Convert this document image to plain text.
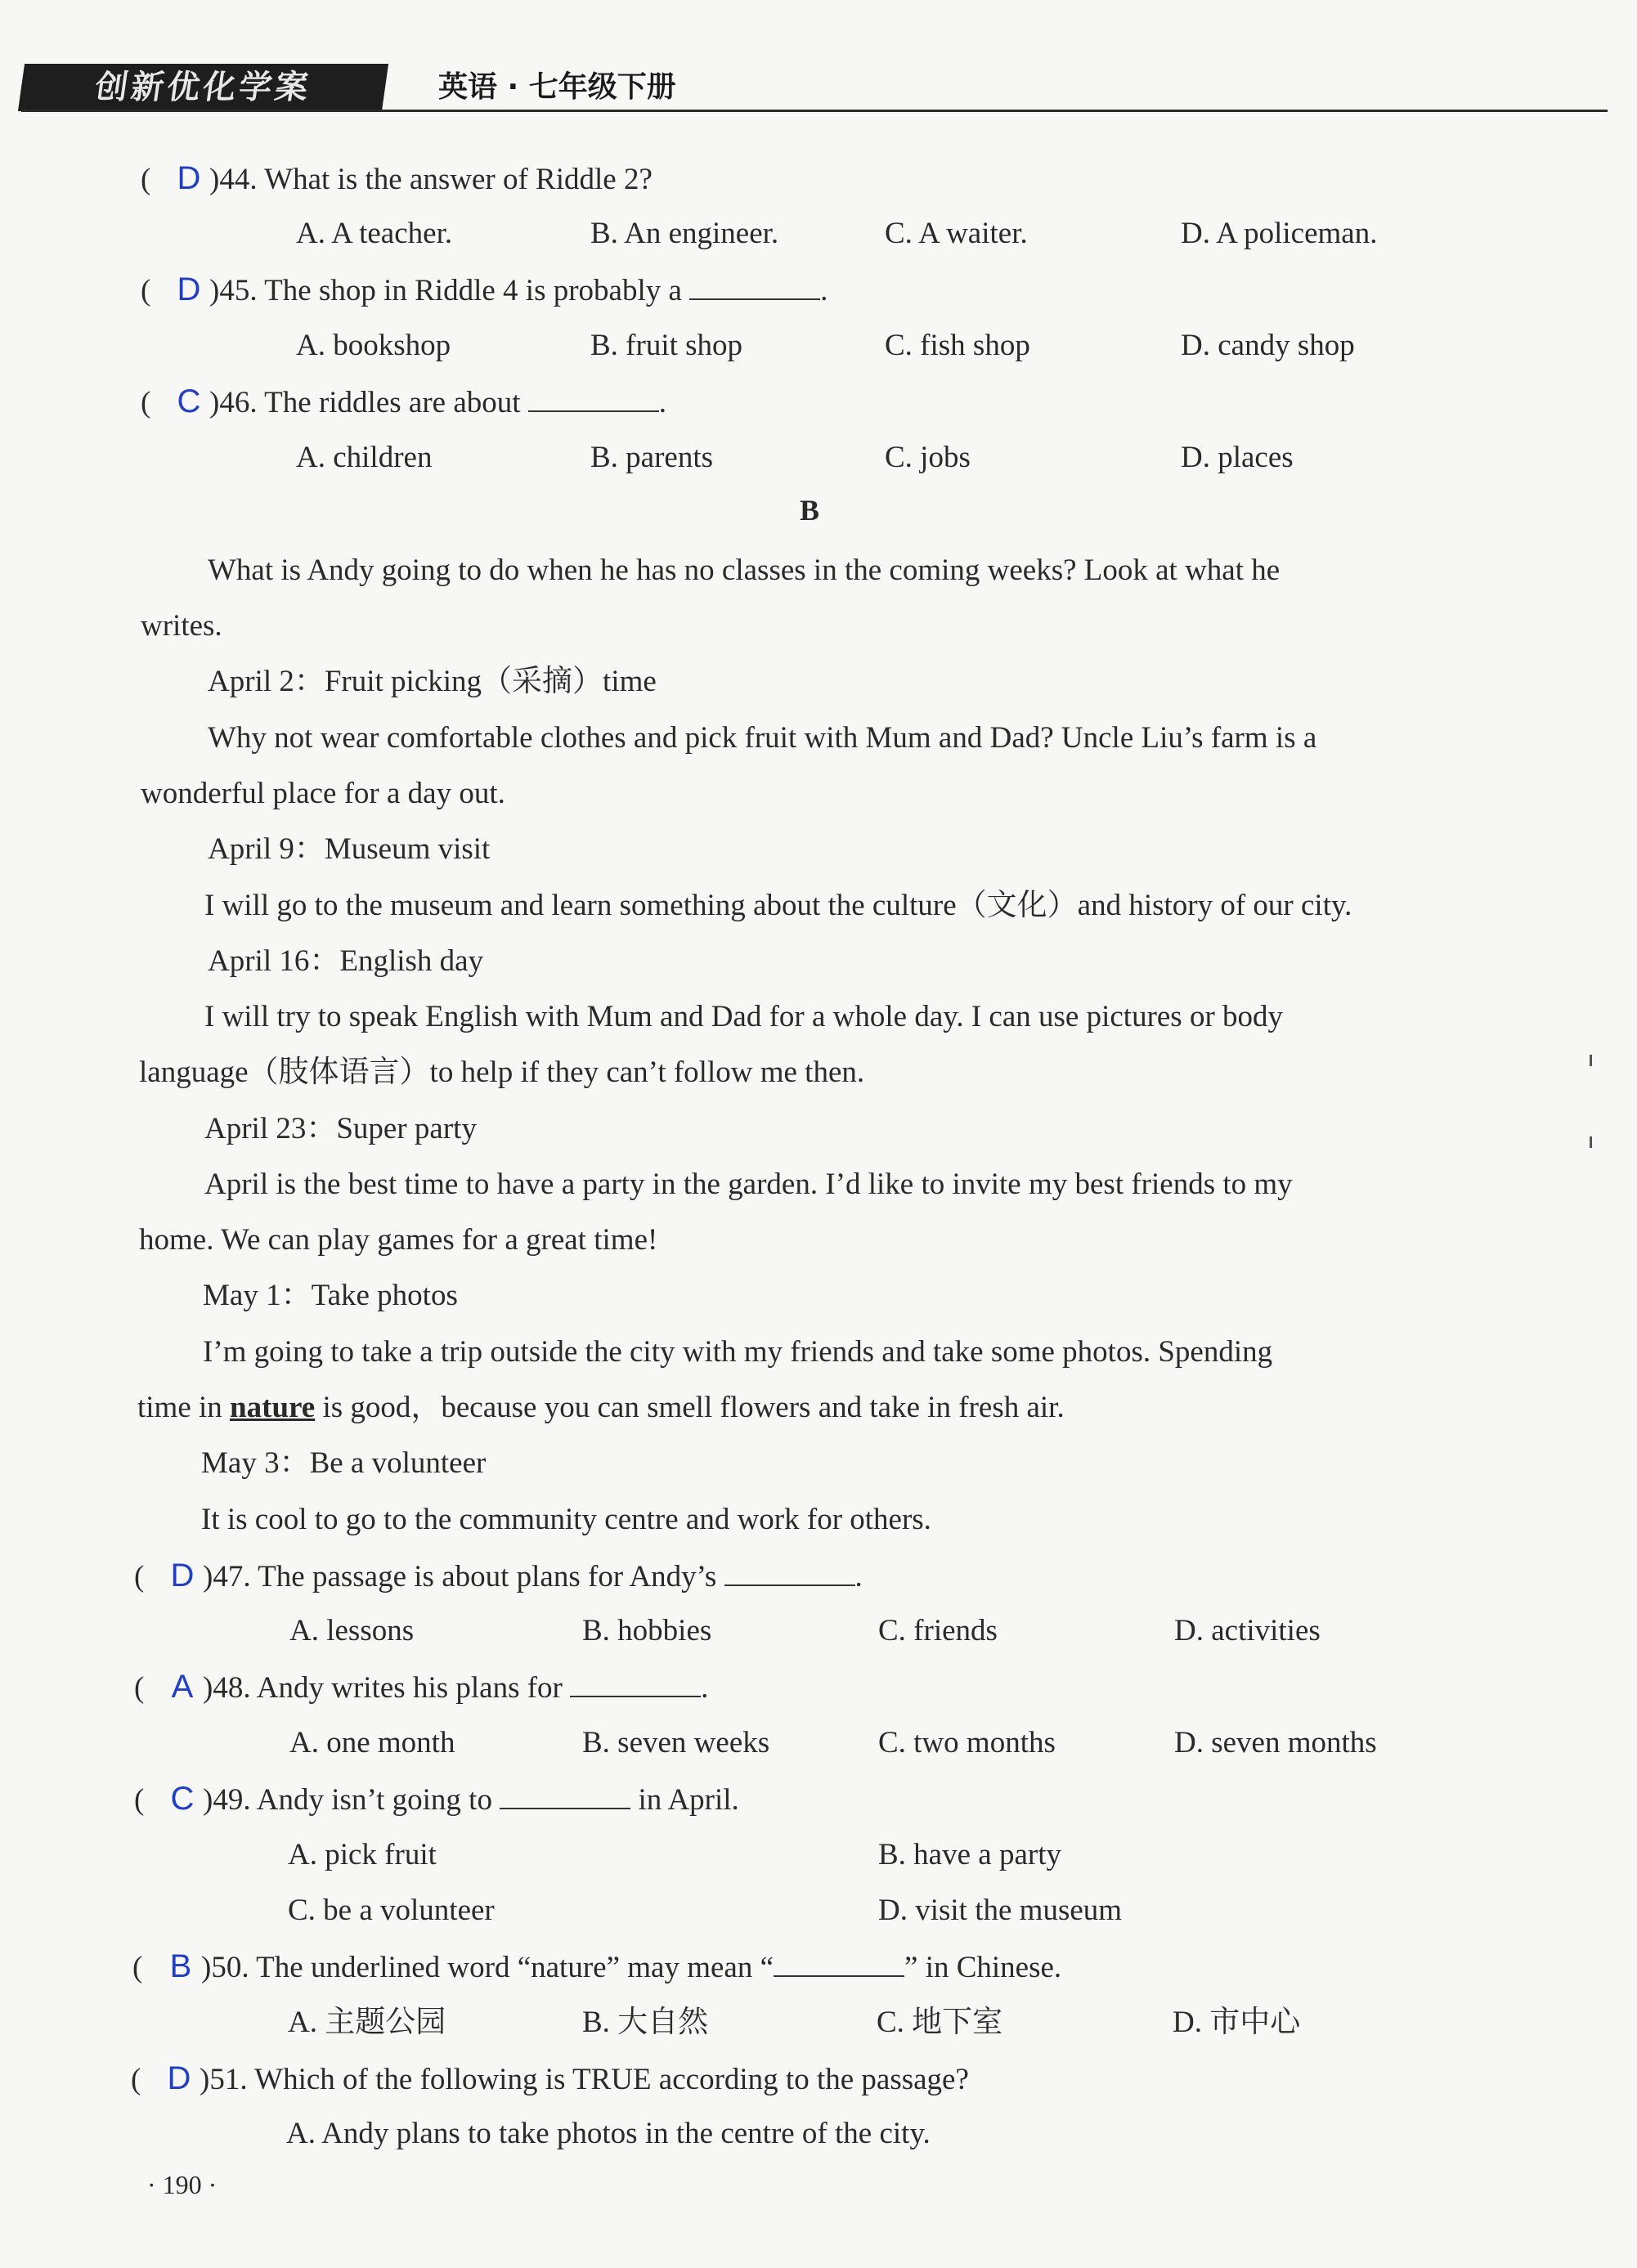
创新优化学案	英语 · 七年级下册
( D )44. What is the answer of Riddle 2?
A. A teacher.	B. An engineer.	C. A waiter.	D. A policeman.
( D )45. The shop in Riddle 4 is probably a	.
A. bookshop	B. fruit shop	C. fish shop	D. candy shop
( C )46. The riddles are about	.
A. children	B. parents	C. jobs	D. places
B
What is Andy going to do when he has no classes in the coming weeks? Look at what he
writes.
April 2：Fruit picking（采摘）time
Why not wear comfortable clothes and pick fruit with Mum and Dad? Uncle Liu’s farm is a
wonderful place for a day out.
April 9：Museum visit
I will go to the museum and learn something about the culture（文化）and history of our city.
April 16：English day
I will try to speak English with Mum and Dad for a whole day. I can use pictures or body
language（肢体语言）to help if they can’t follow me then.
April 23：Super party
April is the best time to have a party in the garden. I’d like to invite my best friends to my
home. We can play games for a great time!
May 1：Take photos
I’m going to take a trip outside the city with my friends and take some photos. Spending
time in nature is good，because you can smell flowers and take in fresh air.
May 3：Be a volunteer
It is cool to go to the community centre and work for others.
( D )47. The passage is about plans for Andy’s	.
A. lessons	B. hobbies	C. friends	D. activities
( A )48. Andy writes his plans for	.
A. one month	B. seven weeks	C. two months	D. seven months
( C )49. Andy isn’t going to	in April.
A. pick fruit	B. have a party
C. be a volunteer	D. visit the museum
( B )50. The underlined word “nature” may mean “	” in Chinese.
A. 主题公园	B. 大自然	C. 地下室	D. 市中心
( D )51. Which of the following is TRUE according to the passage?
A. Andy plans to take photos in the centre of the city.
· 190 ·
